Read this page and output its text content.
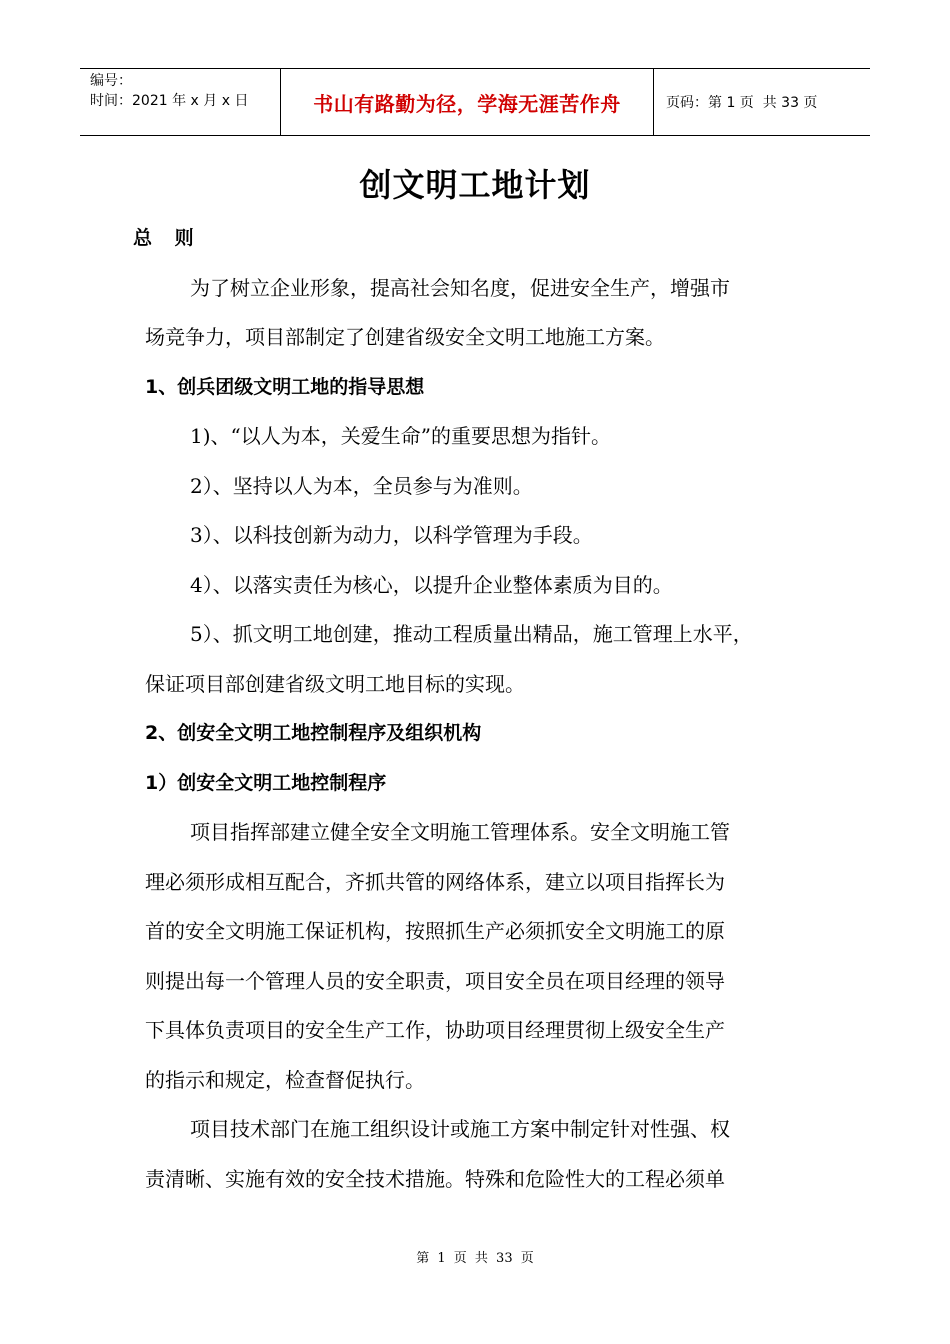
编号：
时间：2021 年 x 月 x 日	书山有路勤为径，学海无涯苦作舟	页码：第 1 页  共 33 页
创文明工地计划
总 则
为了树立企业形象，提高社会知名度，促进安全生产，增强市
场竞争力，项目部制定了创建省级安全文明工地施工方案。
1、创兵团级文明工地的指导思想
1)、“以人为本，关爱生命”的重要思想为指针。
2）、坚持以人为本，全员参与为准则。
3）、以科技创新为动力，以科学管理为手段。
4）、以落实责任为核心，以提升企业整体素质为目的。
5）、抓文明工地创建，推动工程质量出精品，施工管理上水平，
保证项目部创建省级文明工地目标的实现。
2、创安全文明工地控制程序及组织机构
1）创安全文明工地控制程序
项目指挥部建立健全安全文明施工管理体系。安全文明施工管
理必须形成相互配合，齐抓共管的网络体系，建立以项目指挥长为
首的安全文明施工保证机构，按照抓生产必须抓安全文明施工的原
则提出每一个管理人员的安全职责，项目安全员在项目经理的领导
下具体负责项目的安全生产工作，协助项目经理贯彻上级安全生产
的指示和规定，检查督促执行。
项目技术部门在施工组织设计或施工方案中制定针对性强、权
责清晰、实施有效的安全技术措施。特殊和危险性大的工程必须单
第 1 页 共 33 页
